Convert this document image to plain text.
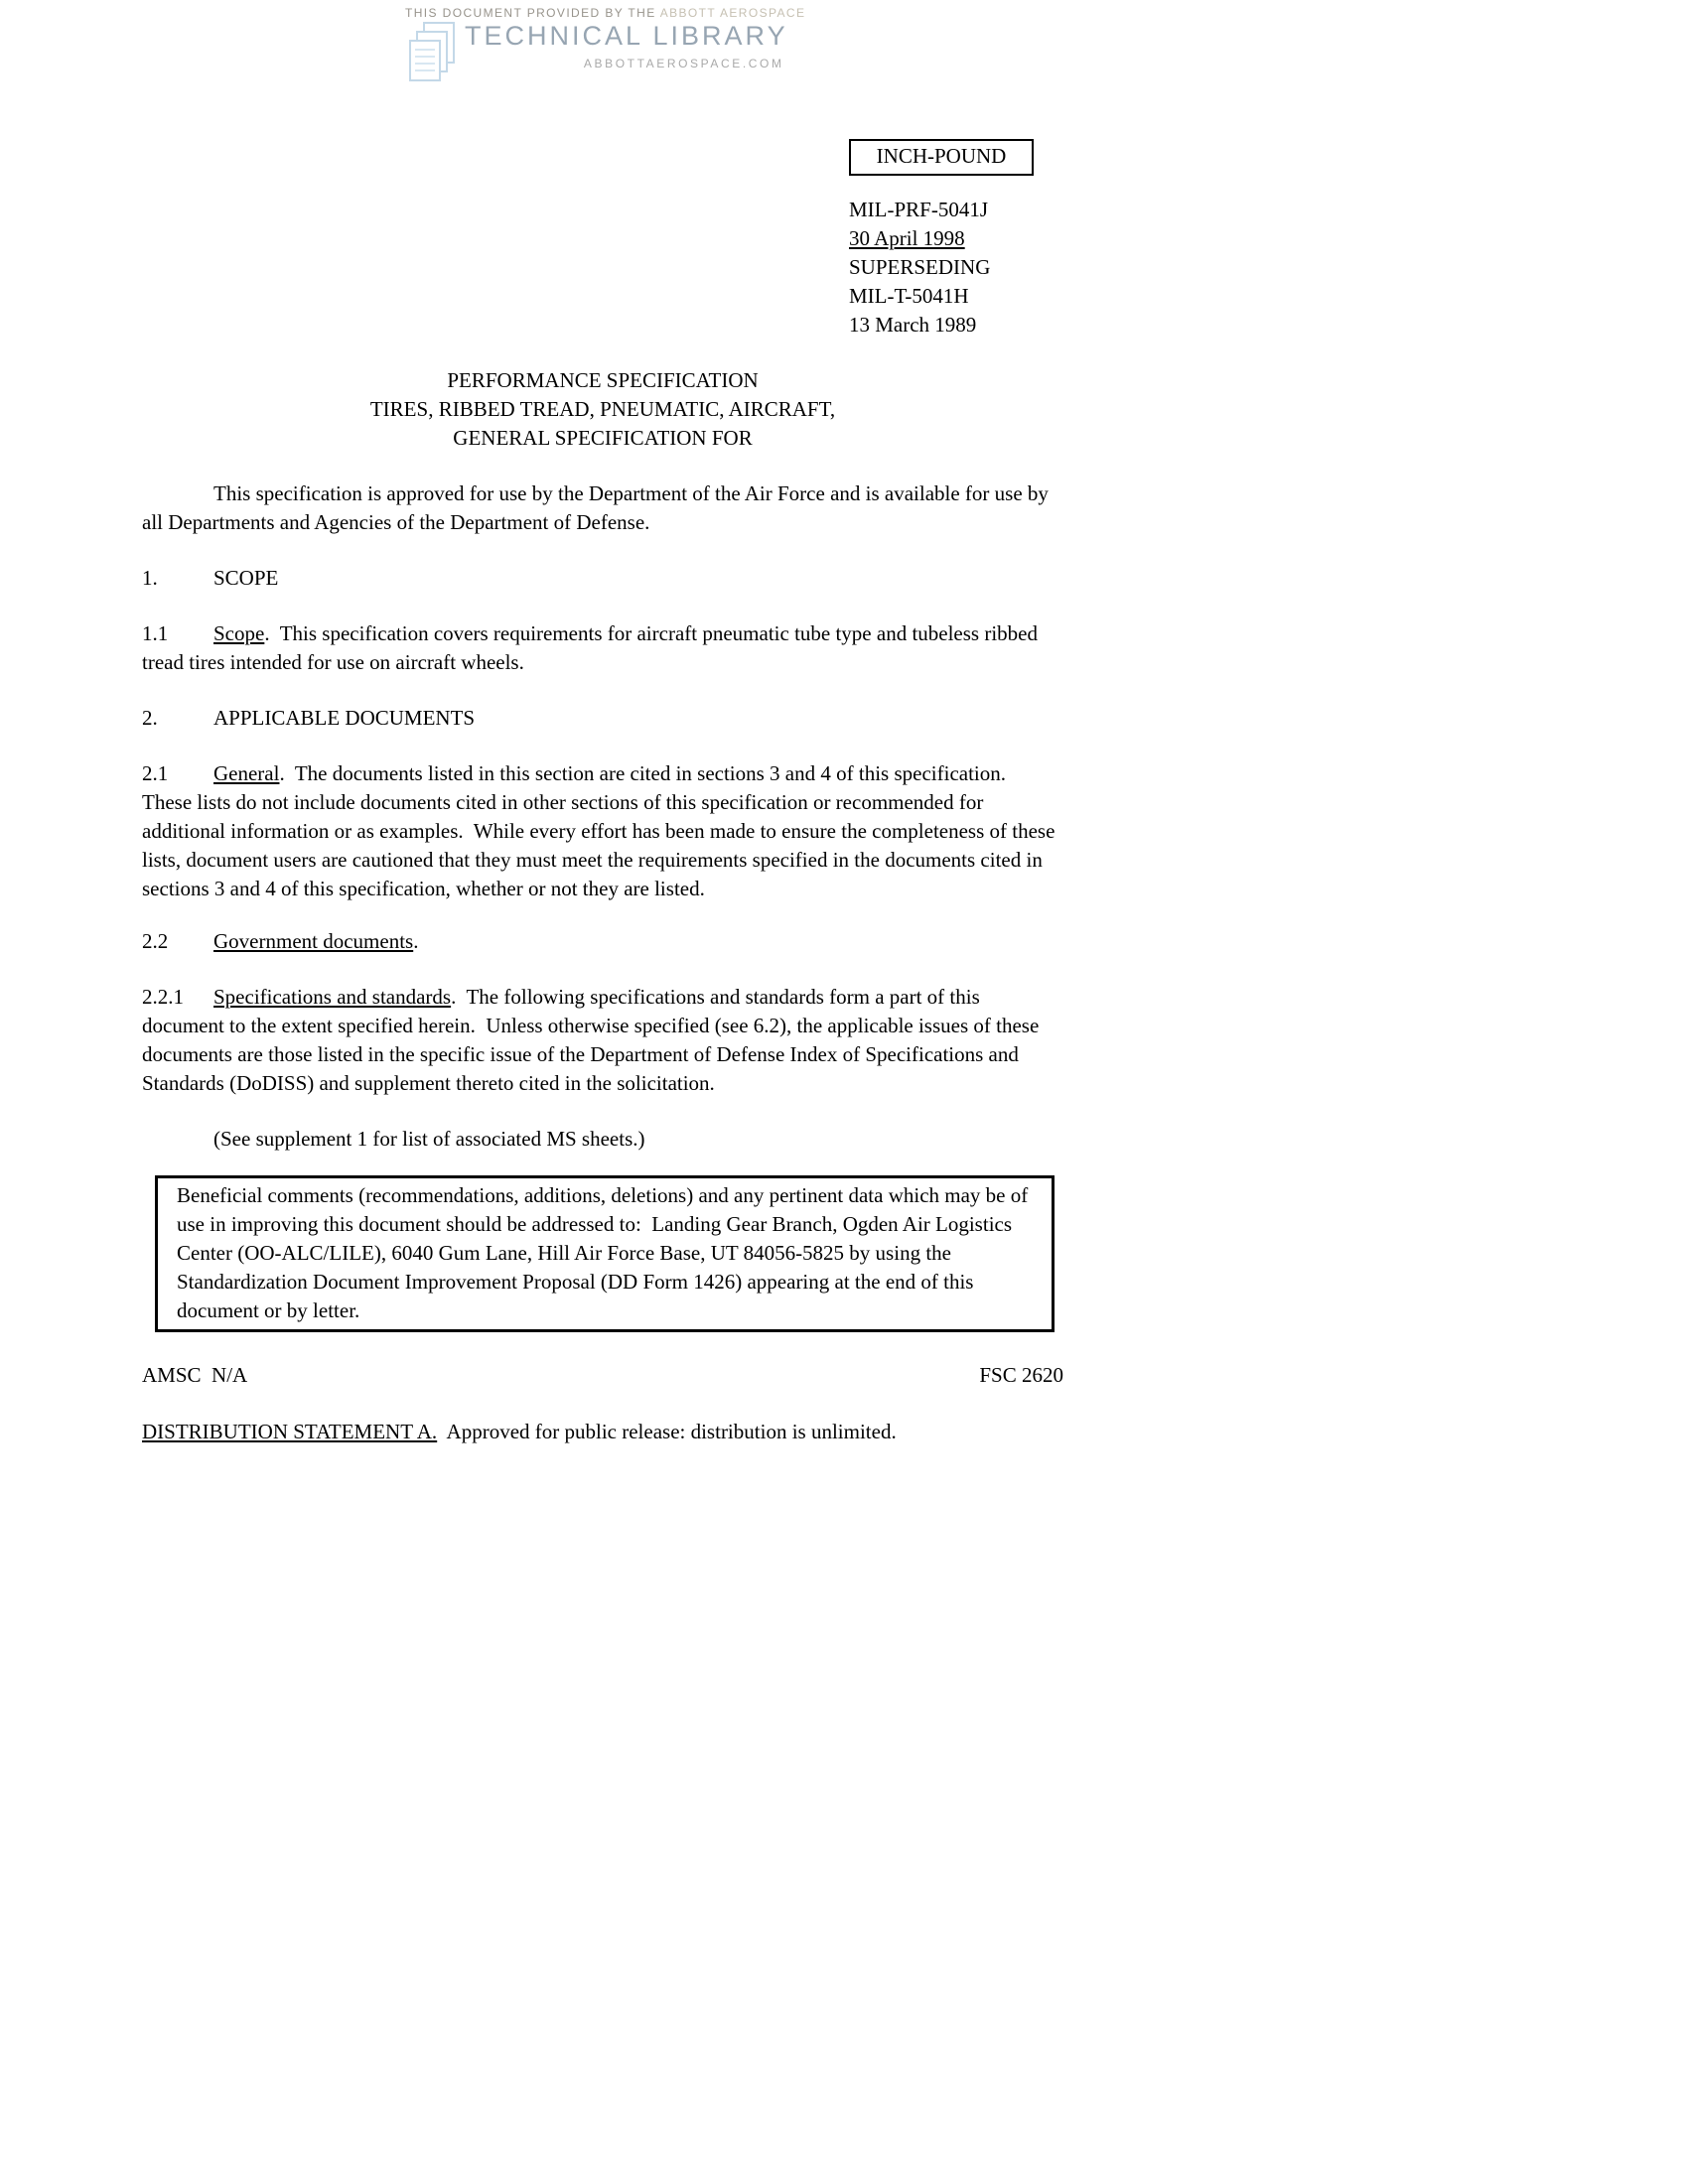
THIS DOCUMENT PROVIDED BY THE ABBOTT AEROSPACE
TECHNICAL LIBRARY
ABBOTTAEROSPACE.COM
INCH-POUND
MIL-PRF-5041J
30 April 1998
SUPERSEDING
MIL-T-5041H
13 March 1989
PERFORMANCE SPECIFICATION
TIRES, RIBBED TREAD, PNEUMATIC, AIRCRAFT,
GENERAL SPECIFICATION FOR

This specification is approved for use by the Department of the Air Force and is available for use by all Departments and Agencies of the Department of Defense.

1.	SCOPE

1.1 Scope.  This specification covers requirements for aircraft pneumatic tube type and tubeless ribbed tread tires intended for use on aircraft wheels.

2.	APPLICABLE DOCUMENTS

2.1 General.  The documents listed in this section are cited in sections 3 and 4 of this specification.  These lists do not include documents cited in other sections of this specification or recommended for additional information or as examples.  While every effort has been made to ensure the completeness of these lists, document users are cautioned that they must meet the requirements specified in the documents cited in sections 3 and 4 of this specification, whether or not they are listed.

2.2 Government documents.

2.2.1 Specifications and standards.  The following specifications and standards form a part of this document to the extent specified herein.  Unless otherwise specified (see 6.2), the applicable issues of these documents are those listed in the specific issue of the Department of Defense Index of Specifications and Standards (DoDISS) and supplement thereto cited in the solicitation.

(See supplement 1 for list of associated MS sheets.)

Beneficial comments (recommendations, additions, deletions) and any pertinent data which may be of use in improving this document should be addressed to:  Landing Gear Branch, Ogden Air Logistics Center (OO-ALC/LILE), 6040 Gum Lane, Hill Air Force Base, UT 84056-5825 by using the Standardization Document Improvement Proposal (DD Form 1426) appearing at the end of this document or by letter.
AMSC  N/A	FSC 2620

DISTRIBUTION STATEMENT A.  Approved for public release: distribution is unlimited.
